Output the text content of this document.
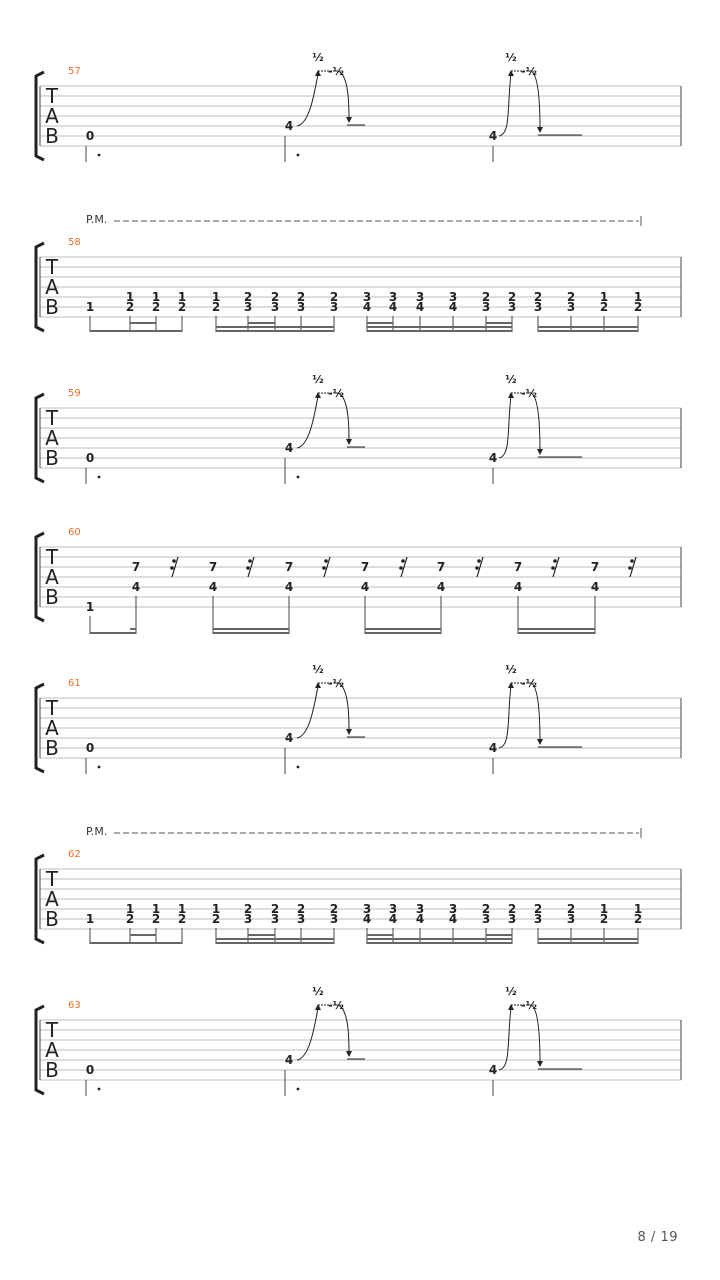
57
T
A
B 0
4
½
-½
4
½
-½
58
T
A
B
P.M.
1
1
2
1
2
1
2
1
2
2
3
2
3
2
3
2
3
3
4
3
4
3
4
3
4
2
3
2
3
2
3
2
3
1
2
1
2
59
T
A
B 0
4
½
-½
4
½
-½
60
T
A
B 1
7
4
7
4
7
4
7
4
7
4
7
4
7
4
61
T
A
B 0
4
½
-½
4
½
-½
62
T
A
B
P.M.
1
1
2
1
2
1
2
1
2
2
3
2
3
2
3
2
3
3
4
3
4
3
4
3
4
2
3
2
3
2
3
2
3
1
2
1
2
63
T
A
B 0
4
½
-½
4
½
-½
8 / 19
